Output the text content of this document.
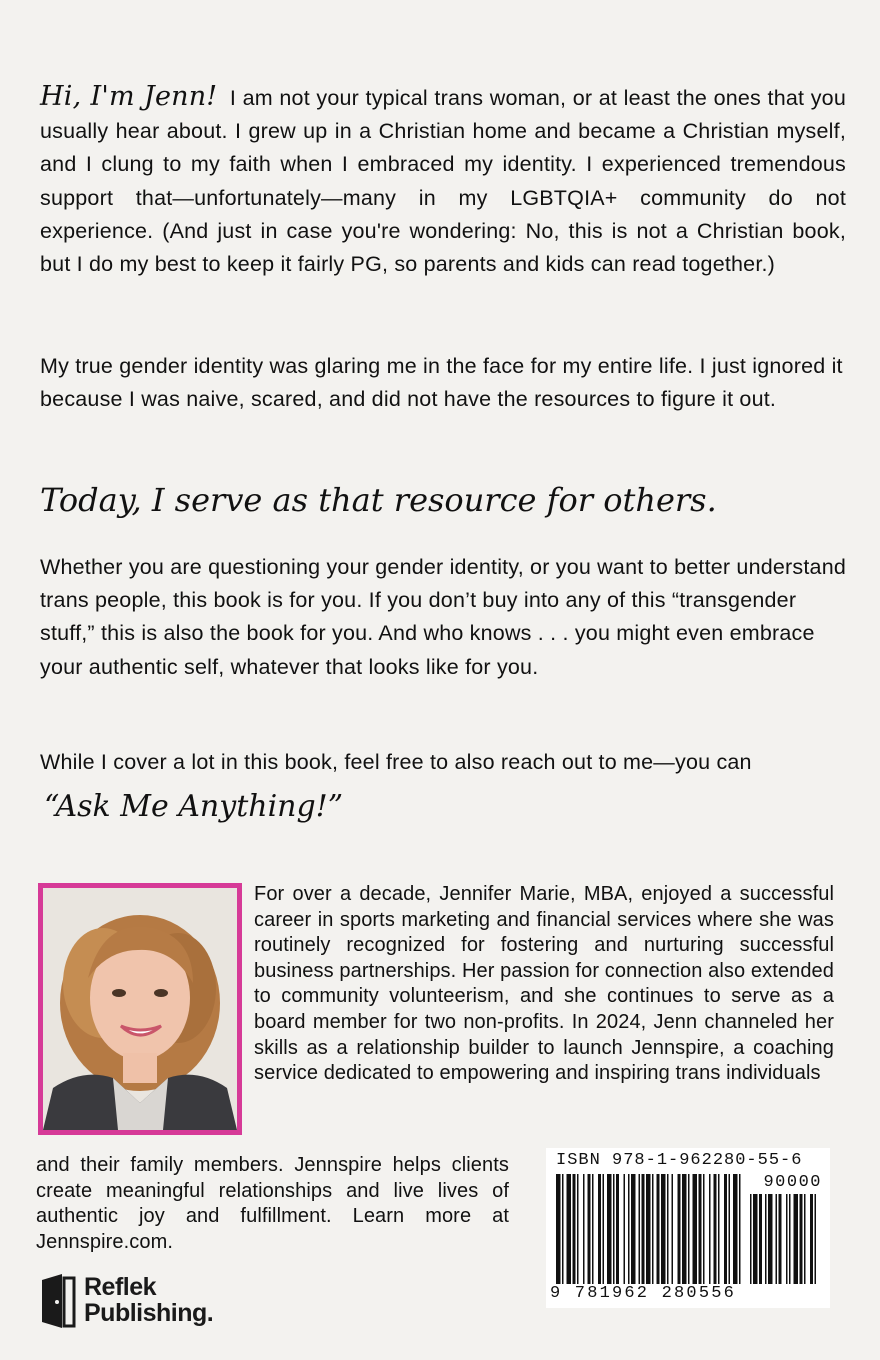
Hi, I'm Jenn! I am not your typical trans woman, or at least the ones that you usually hear about. I grew up in a Christian home and became a Christian myself, and I clung to my faith when I embraced my identity. I experienced tremendous support that—unfortunately—many in my LGBTQIA+ community do not experience. (And just in case you're wondering: No, this is not a Christian book, but I do my best to keep it fairly PG, so parents and kids can read together.)

My true gender identity was glaring me in the face for my entire life. I just ignored it because I was naive, scared, and did not have the resources to figure it out.

Today, I serve as that resource for others.

Whether you are questioning your gender identity, or you want to better understand trans people, this book is for you. If you don’t buy into any of this “transgender stuff,” this is also the book for you. And who knows . . . you might even embrace your authentic self, whatever that looks like for you.

While I cover a lot in this book, feel free to also reach out to me—you can

“Ask Me Anything!”

For over a decade, Jennifer Marie, MBA, enjoyed a successful career in sports marketing and financial services where she was routinely recognized for fostering and nurturing successful business partnerships. Her passion for connection also extended to community volunteerism, and she continues to serve as a board member for two non-profits. In 2024, Jenn channeled her skills as a relationship builder to launch Jennspire, a coaching service dedicated to empowering and inspiring trans individuals

and their family members. Jennspire helps clients create meaningful relationships and live lives of authentic joy and fulfillment. Learn more at Jennspire.com.

ISBN 978-1-962280-55-6
90000
9 781962 280556
Reflek
Publishing.
